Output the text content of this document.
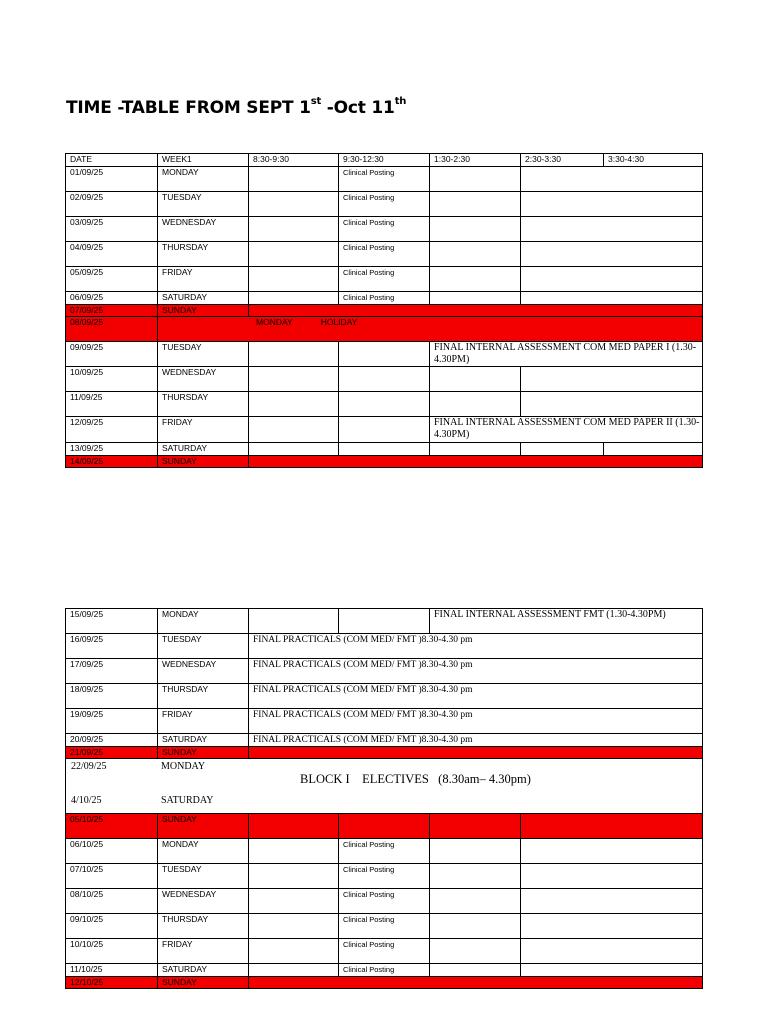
TIME -TABLE FROM SEPT 1st -Oct 11th
DATE	WEEK1	8:30-9:30	9:30-12:30	1:30-2:30	2:30-3:30	3:30-4:30
01/09/25	MONDAY		Clinical Posting			
02/09/25	TUESDAY		Clinical Posting			
03/09/25	WEDNESDAY		Clinical Posting			
04/09/25	THURSDAY		Clinical Posting			
05/09/25	FRIDAY		Clinical Posting			
06/09/25	SATURDAY		Clinical Posting			
07/09/25	SUNDAY					
08/09/25	MONDAY HOLIDAY					
09/09/25	TUESDAY			FINAL INTERNAL ASSESSMENT COM MED PAPER I (1.30-4.30PM)		
10/09/25	WEDNESDAY					
11/09/25	THURSDAY					
12/09/25	FRIDAY			FINAL INTERNAL ASSESSMENT COM MED PAPER II (1.30-4.30PM)		
13/09/25	SATURDAY					
14/09/25	SUNDAY					
15/09/25	MONDAY			FINAL INTERNAL ASSESSMENT FMT (1.30-4.30PM)	
16/09/25	TUESDAY	FINAL PRACTICALS (COM MED/ FMT )8.30-4.30 pm			
17/09/25	WEDNESDAY	FINAL PRACTICALS (COM MED/ FMT )8.30-4.30 pm			
18/09/25	THURSDAY	FINAL PRACTICALS (COM MED/ FMT )8.30-4.30 pm			
19/09/25	FRIDAY	FINAL PRACTICALS (COM MED/ FMT )8.30-4.30 pm			
20/09/25	SATURDAY	FINAL PRACTICALS (COM MED/ FMT )8.30-4.30 pm			
21/09/25	SUNDAY				

22/09/25 MONDAY
BLOCK I    ELECTIVES   (8.30am– 4.30pm)
4/10/25 SATURDAY					

05/10/25	SUNDAY				
06/10/25	MONDAY		Clinical Posting		
07/10/25	TUESDAY		Clinical Posting		
08/10/25	WEDNESDAY		Clinical Posting		
09/10/25	THURSDAY		Clinical Posting		
10/10/25	FRIDAY		Clinical Posting		
11/10/25	SATURDAY		Clinical Posting		
12/10/25	SUNDAY				
